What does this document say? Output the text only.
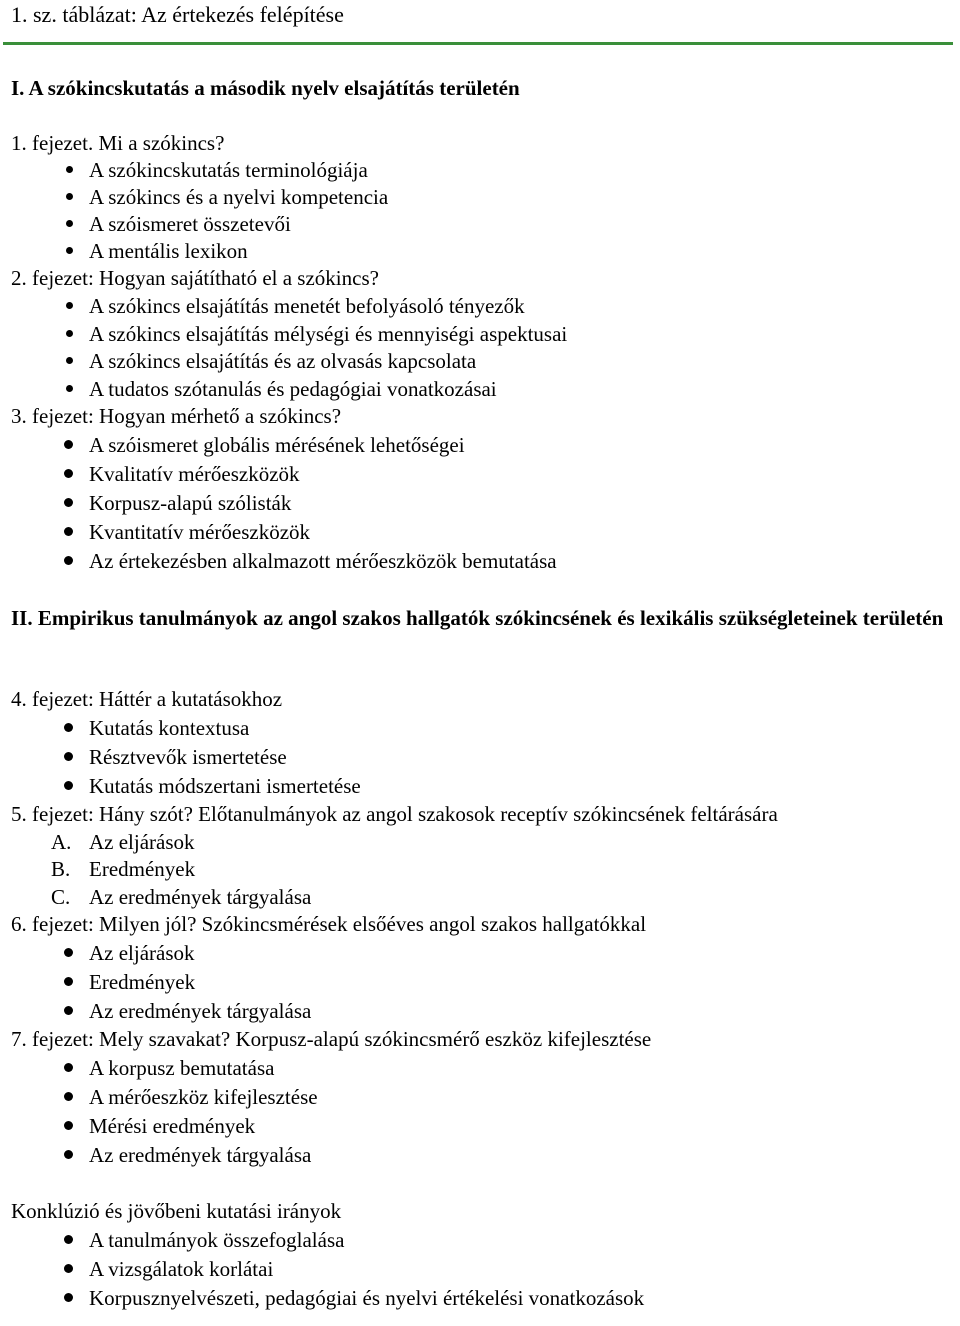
1. sz. táblázat: Az értekezés felépítése
I. A szókincskutatás a második nyelv elsajátítás területén
1. fejezet. Mi a szókincs?
A szókincskutatás terminológiája
A szókincs és a nyelvi kompetencia
A szóismeret összetevői
A mentális lexikon
2. fejezet: Hogyan sajátítható el a szókincs?
A szókincs elsajátítás menetét befolyásoló tényezők
A szókincs elsajátítás mélységi és mennyiségi aspektusai
A szókincs elsajátítás és az olvasás kapcsolata
A tudatos szótanulás és pedagógiai vonatkozásai
3. fejezet: Hogyan mérhető a szókincs?
A szóismeret globális mérésének lehetőségei
Kvalitatív mérőeszközök
Korpusz-alapú szólisták
Kvantitatív mérőeszközök
Az értekezésben alkalmazott mérőeszközök bemutatása
II. Empirikus tanulmányok az angol szakos hallgatók szókincsének és lexikális szükségleteinek területén
4. fejezet: Háttér a kutatásokhoz
Kutatás kontextusa
Résztvevők ismertetése
Kutatás módszertani ismertetése
5. fejezet: Hány szót? Előtanulmányok az angol szakosok receptív szókincsének feltárására
A. Az eljárások
B. Eredmények
C. Az eredmények tárgyalása
6. fejezet: Milyen jól? Szókincsmérések elsőéves angol szakos hallgatókkal
Az eljárások
Eredmények
Az eredmények tárgyalása
7. fejezet: Mely szavakat? Korpusz-alapú szókincsmérő eszköz kifejlesztése
A korpusz bemutatása
A mérőeszköz kifejlesztése
Mérési eredmények
Az eredmények tárgyalása
Konklúzió és jövőbeni kutatási irányok
A tanulmányok összefoglalása
A vizsgálatok korlátai
Korpusznyelvészeti, pedagógiai és nyelvi értékelési vonatkozások
